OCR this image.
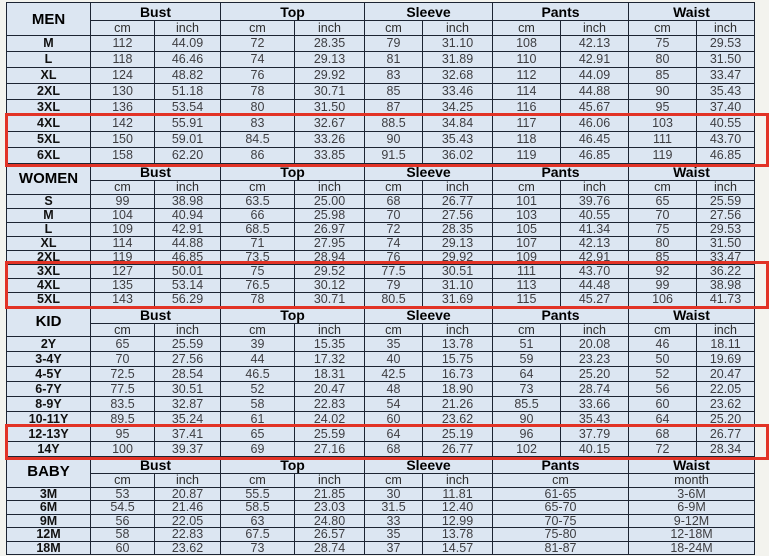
MEN	Bust		Top		Sleeve		Pants		Waist	
	cm	inch	cm	inch	cm	inch	cm	inch	cm	inch
M	112	44.09	72	28.35	79	31.10	108	42.13	75	29.53
L	118	46.46	74	29.13	81	31.89	110	42.91	80	31.50
XL	124	48.82	76	29.92	83	32.68	112	44.09	85	33.47
2XL	130	51.18	78	30.71	85	33.46	114	44.88	90	35.43
3XL	136	53.54	80	31.50	87	34.25	116	45.67	95	37.40
4XL	142	55.91	83	32.67	88.5	34.84	117	46.06	103	40.55
5XL	150	59.01	84.5	33.26	90	35.43	118	46.45	111	43.70
6XL	158	62.20	86	33.85	91.5	36.02	119	46.85	119	46.85
WOMEN	Bust		Top		Sleeve		Pants		Waist	
	cm	inch	cm	inch	cm	inch	cm	inch	cm	inch
S	99	38.98	63.5	25.00	68	26.77	101	39.76	65	25.59
M	104	40.94	66	25.98	70	27.56	103	40.55	70	27.56
L	109	42.91	68.5	26.97	72	28.35	105	41.34	75	29.53
XL	114	44.88	71	27.95	74	29.13	107	42.13	80	31.50
2XL	119	46.85	73.5	28.94	76	29.92	109	42.91	85	33.47
3XL	127	50.01	75	29.52	77.5	30.51	111	43.70	92	36.22
4XL	135	53.14	76.5	30.12	79	31.10	113	44.48	99	38.98
5XL	143	56.29	78	30.71	80.5	31.69	115	45.27	106	41.73
KID	Bust		Top		Sleeve		Pants		Waist	
	cm	inch	cm	inch	cm	inch	cm	inch	cm	inch
2Y	65	25.59	39	15.35	35	13.78	51	20.08	46	18.11
3-4Y	70	27.56	44	17.32	40	15.75	59	23.23	50	19.69
4-5Y	72.5	28.54	46.5	18.31	42.5	16.73	64	25.20	52	20.47
6-7Y	77.5	30.51	52	20.47	48	18.90	73	28.74	56	22.05
8-9Y	83.5	32.87	58	22.83	54	21.26	85.5	33.66	60	23.62
10-11Y	89.5	35.24	61	24.02	60	23.62	90	35.43	64	25.20
12-13Y	95	37.41	65	25.59	64	25.19	96	37.79	68	26.77
14Y	100	39.37	69	27.16	68	26.77	102	40.15	72	28.34
BABY	Bust		Top		Sleeve		Pants		Waist	
	cm	inch	cm	inch	cm	inch	cm		month	
3M	53	20.87	55.5	21.85	30	11.81	61-65		3-6M	
6M	54.5	21.46	58.5	23.03	31.5	12.40	65-70		6-9M	
9M	56	22.05	63	24.80	33	12.99	70-75		9-12M	
12M	58	22.83	67.5	26.57	35	13.78	75-80		12-18M	
18M	60	23.62	73	28.74	37	14.57	81-87		18-24M	
